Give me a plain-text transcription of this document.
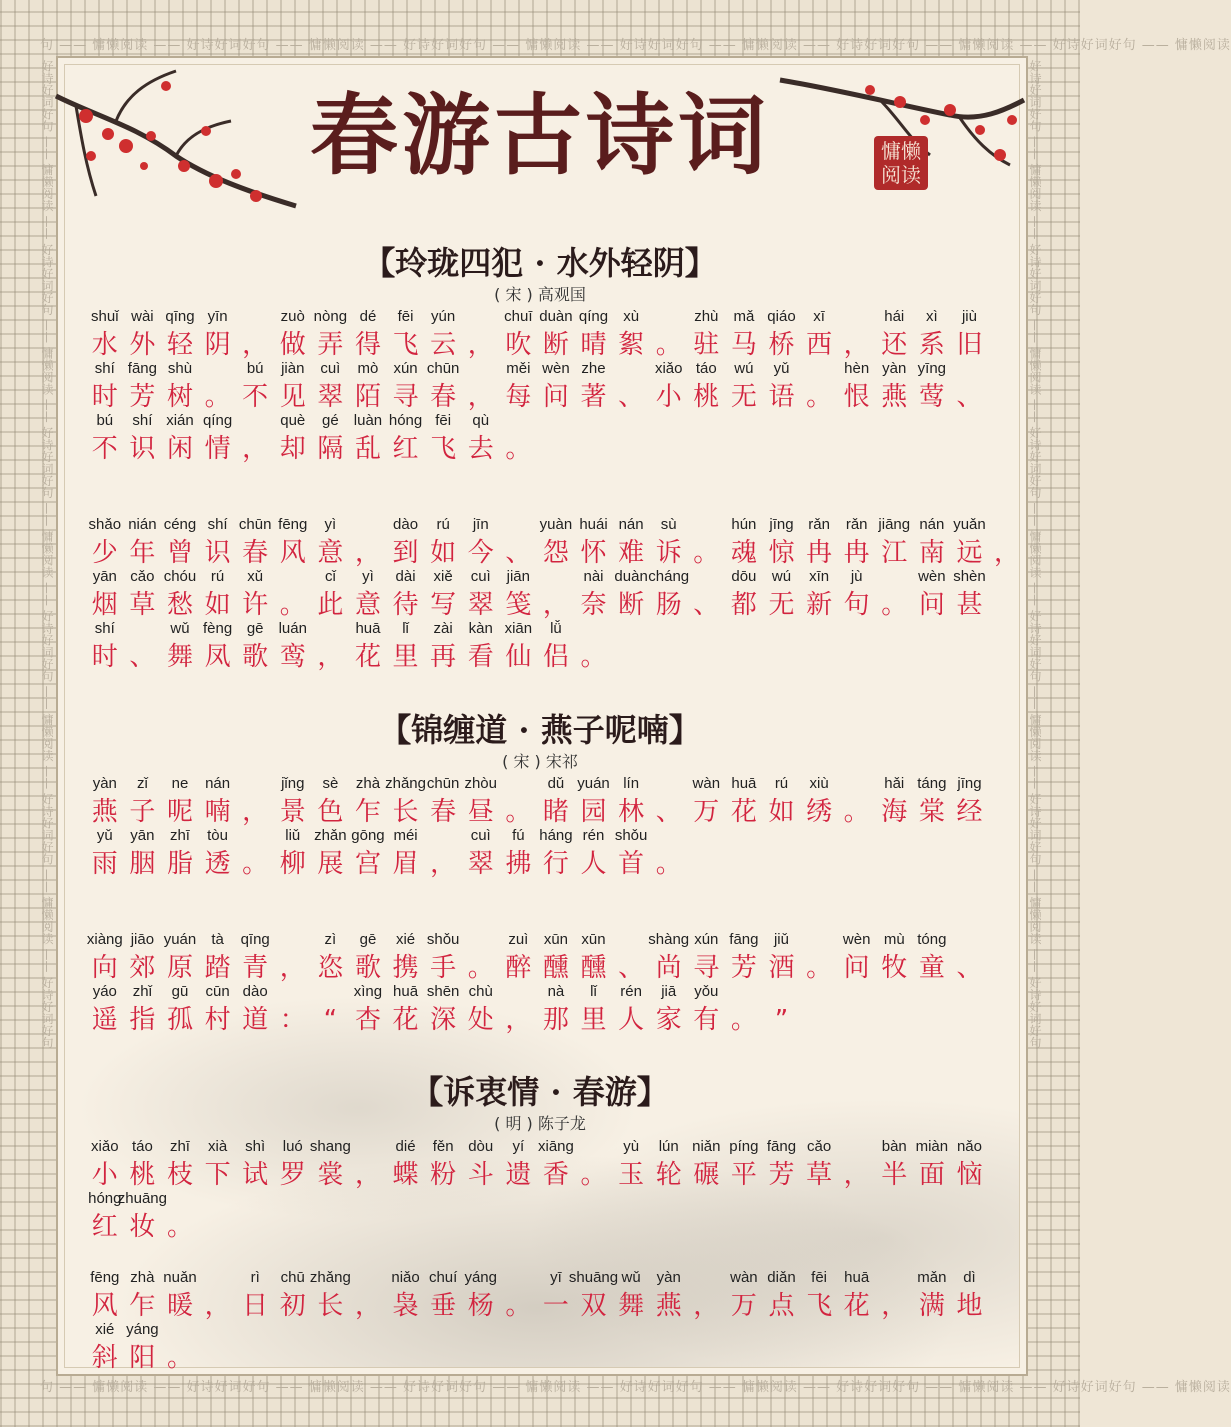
句 —— 慵懒阅读 —— 好诗好词好句 —— 慵懒阅读 —— 好诗好词好句 —— 慵懒阅读 —— 好诗好词好句 —— 慵懒阅读 —— 好诗好词好句 —— 慵懒阅读 —— 好诗好词好句 —— 慵懒阅读
句 —— 慵懒阅读 —— 好诗好词好句 —— 慵懒阅读 —— 好诗好词好句 —— 慵懒阅读 —— 好诗好词好句 —— 慵懒阅读 —— 好诗好词好句 —— 慵懒阅读 —— 好诗好词好句 —— 慵懒阅读
好诗好词好句 —— 慵懒阅读 —— 好诗好词好句 —— 慵懒阅读 —— 好诗好词好句 —— 慵懒阅读 —— 好诗好词好句 —— 慵懒阅读 —— 好诗好词好句 —— 慵懒阅读 —— 好诗好词好句	好诗好词好句 —— 慵懒阅读 —— 好诗好词好句 —— 慵懒阅读 —— 好诗好词好句 —— 慵懒阅读 —— 好诗好词好句 —— 慵懒阅读 —— 好诗好词好句 —— 慵懒阅读 —— 好诗好词好句
春游古诗词	慵懒
阅读
【玲珑四犯 · 水外轻阴】
( 宋 ) 高观国
shuǐ
水
wài
外
qīng
轻
yīn
阴 ，
zuò
做
nòng
弄
dé
得
fēi
飞
yún
云 ，
chuī
吹
duàn
断
qíng
晴
xù
絮 。
zhù
驻
mǎ
马
qiáo
桥
xī
西 ，
hái
还
xì
系
jiù
旧
shí
时
fāng
芳
shù
树 。
bú
不
jiàn
见
cuì
翠
mò
陌
xún
寻
chūn
春 ，
měi
每
wèn
问
zhe
著 、
xiǎo
小
táo
桃
wú
无
yǔ
语 。
hèn
恨
yàn
燕
yīng
莺 、
bú
不
shí
识
xián
闲
qíng
情 ，
què
却
gé
隔
luàn
乱
hóng
红
fēi
飞
qù
去 。
shǎo
少
nián
年
céng
曾
shí
识
chūn
春
fēng
风
yì
意 ，
dào
到
rú
如
jīn
今 、
yuàn
怨
huái
怀
nán
难
sù
诉 。
hún
魂
jīng
惊
rǎn
冉
rǎn
冉
jiāng
江
nán
南
yuǎn
远 ，
yān
烟
cǎo
草
chóu
愁
rú
如
xǔ
许 。
cǐ
此
yì
意
dài
待
xiě
写
cuì
翠
jiān
笺 ，
nài
奈
duàn
断
cháng
肠 、
dōu
都
wú
无
xīn
新
jù
句 。
wèn
问
shèn
甚
shí
时 、
wǔ
舞
fèng
凤
gē
歌
luán
鸾 ，
huā
花
lǐ
里
zài
再
kàn
看
xiān
仙
lǚ
侣 。
【锦缠道 · 燕子呢喃】
( 宋 ) 宋祁
yàn
燕
zǐ
子
ne
呢
nán
喃 ，
jǐng
景
sè
色
zhà
乍
zhǎng
长
chūn
春
zhòu
昼 。
dǔ
睹
yuán
园
lín
林 、
wàn
万
huā
花
rú
如
xiù
绣 。
hǎi
海
táng
棠
jīng
经
yǔ
雨
yān
胭
zhī
脂
tòu
透 。
liǔ
柳
zhǎn
展
gōng
宫
méi
眉 ，
cuì
翠
fú
拂
háng
行
rén
人
shǒu
首 。
xiàng
向
jiāo
郊
yuán
原
tà
踏
qīng
青 ，
zì
恣
gē
歌
xié
携
shǒu
手 。
zuì
醉
xūn
醺
xūn
醺 、
shàng
尚
xún
寻
fāng
芳
jiǔ
酒 。
wèn
问
mù
牧
tóng
童 、
yáo
遥
zhǐ
指
gū
孤
cūn
村
dào
道 ： “
xìng
杏
huā
花
shēn
深
chù
处 ，
nà
那
lǐ
里
rén
人
jiā
家
yǒu
有 。 ”
【诉衷情 · 春游】
( 明 ) 陈子龙
xiǎo
小
táo
桃
zhī
枝
xià
下
shì
试
luó
罗
shang
裳 ，
dié
蝶
fěn
粉
dòu
斗
yí
遗
xiāng
香 。
yù
玉
lún
轮
niǎn
碾
píng
平
fāng
芳
cǎo
草 ，
bàn
半
miàn
面
nǎo
恼
hóng
红
zhuāng
妆 。
fēng
风
zhà
乍
nuǎn
暖 ，
rì
日
chū
初
zhǎng
长 ，
niǎo
袅
chuí
垂
yáng
杨 。
yī
一
shuāng
双
wǔ
舞
yàn
燕 ，
wàn
万
diǎn
点
fēi
飞
huā
花 ，
mǎn
满
dì
地
xié
斜
yáng
阳 。
